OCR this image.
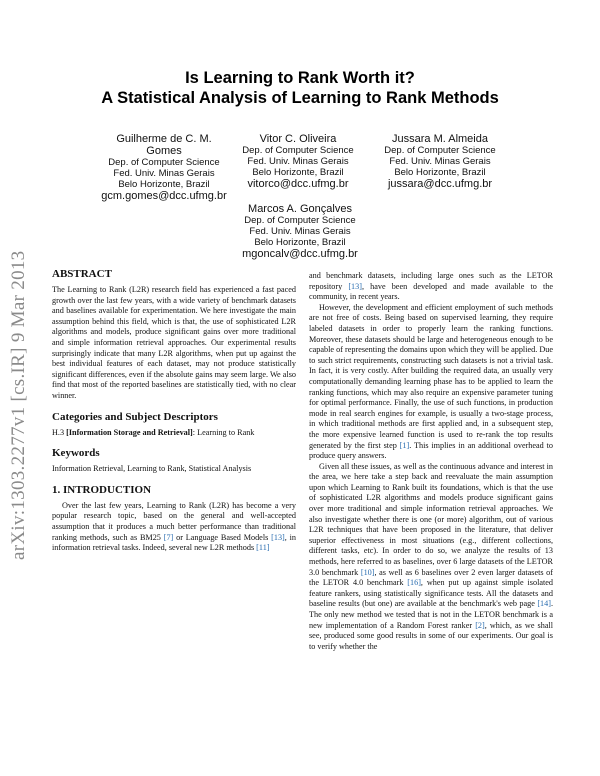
Is Learning to Rank Worth it?
A Statistical Analysis of Learning to Rank Methods
Guilherme de C. M.
Gomes
Dep. of Computer Science
Fed. Univ. Minas Gerais
Belo Horizonte, Brazil
gcm.gomes@dcc.ufmg.br
Vitor C. Oliveira
Dep. of Computer Science
Fed. Univ. Minas Gerais
Belo Horizonte, Brazil
vitorco@dcc.ufmg.br
Jussara M. Almeida
Dep. of Computer Science
Fed. Univ. Minas Gerais
Belo Horizonte, Brazil
jussara@dcc.ufmg.br
Marcos A. Gonçalves
Dep. of Computer Science
Fed. Univ. Minas Gerais
Belo Horizonte, Brazil
mgoncalv@dcc.ufmg.br
arXiv:1303.2277v1 [cs.IR] 9 Mar 2013 ABSTRACT

The Learning to Rank (L2R) research field has experienced a fast paced growth over the last few years, with a wide variety of benchmark datasets and baselines available for experimentation. We here investigate the main assumption behind this field, which is that, the use of sophisticated L2R algorithms and models, produce significant gains over more traditional and simple information retrieval approaches. Our experimental results surprisingly indicate that many L2R algorithms, when put up against the best individual features of each dataset, may not produce statistically significant differences, even if the absolute gains may seem large. We also find that most of the reported baselines are statistically tied, with no clear winner.

Categories and Subject Descriptors

H.3 [Information Storage and Retrieval]: Learning to Rank

Keywords

Information Retrieval, Learning to Rank, Statistical Analysis

1. INTRODUCTION

Over the last few years, Learning to Rank (L2R) has become a very popular research topic, based on the general and well-accepted assumption that it produces a much better performance than traditional ranking methods, such as BM25 [7] or Language Based Models [13], in information retrieval tasks. Indeed, several new L2R methods [11]

and benchmark datasets, including large ones such as the LETOR repository [13], have been developed and made available to the community, in recent years.

However, the development and efficient employment of such methods are not free of costs. Being based on supervised learning, they require labeled datasets in order to properly learn the ranking functions. Moreover, these datasets should be large and heterogeneous enough to be capable of representing the domains upon which they will be applied. Due to such strict requirements, constructing such datasets is not a trivial task. In fact, it is very costly. After building the required data, an usually very computationally demanding learning phase has to be applied to learn the ranking functions, which may also require an expensive parameter tuning for optimal performance. Finally, the use of such functions, in production mode in real search engines for example, is usually a two-stage process, in which traditional methods are first applied and, in a subsequent step, the more expensive learned function is used to re-rank the top results generated by the first step [1]. This implies in an additional overhead to produce query answers.

Given all these issues, as well as the continuous advance and interest in the area, we here take a step back and reevaluate the main assumption upon which Learning to Rank built its foundations, which is that the use of sophisticated L2R algorithms and models produce significant gains over more traditional and simple information retrieval approaches. We also investigate whether there is one (or more) algorithm, out of various L2R techniques that have been proposed in the literature, that deliver superior effectiveness in most situations (e.g., different collections, different tasks, etc). In order to do so, we analyze the results of 13 methods, here referred to as baselines, over 6 large datasets of the LETOR 3.0 benchmark [10], as well as 6 baselines over 2 even larger datasets of the LETOR 4.0 benchmark [16], when put up against simple isolated feature rankers, using statistically significance tests. All the datasets and baseline results (but one) are available at the benchmark's web page [14]. The only new method we tested that is not in the LETOR benchmark is a new implementation of a Random Forest ranker [2], which, as we shall see, produced some good results in some of our experiments. Our goal is to verify whether the
